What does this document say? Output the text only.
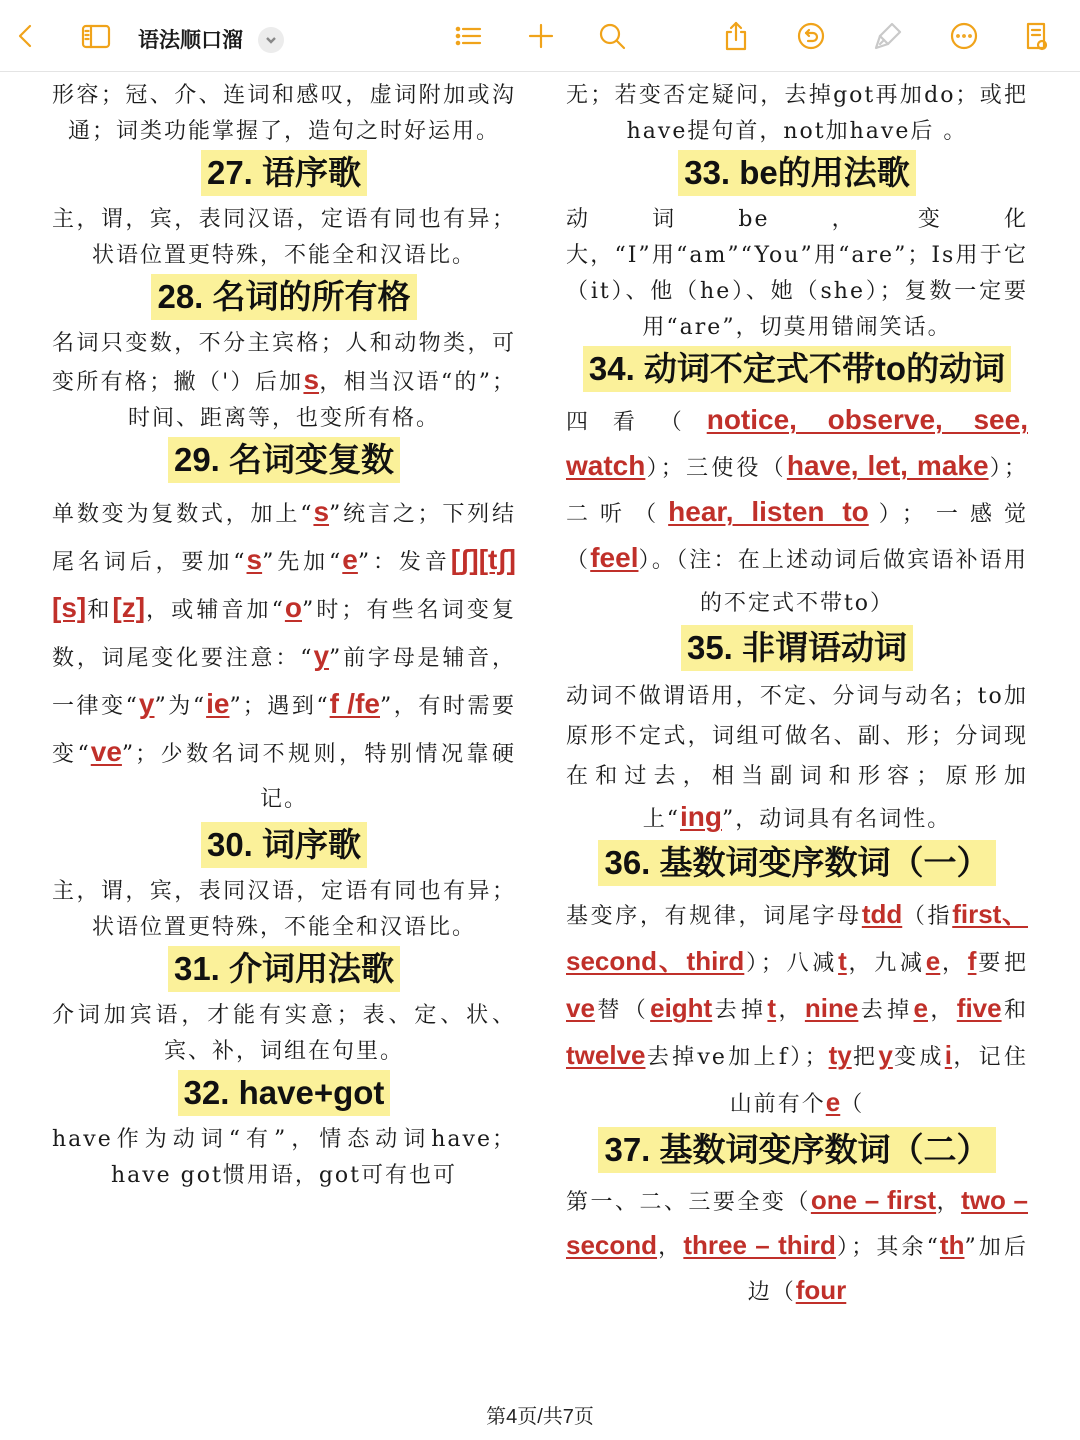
语法顺口溜

形容；冠、介、连词和感叹，虚词附加或沟通；词类功能掌握了，造句之时好运用。

27. 语序歌

主，谓，宾，表同汉语，定语有同也有异；状语位置更特殊，不能全和汉语比。

28. 名词的所有格

名词只变数，不分主宾格；人和动物类，可变所有格；撇（'）后加s，相当汉语“的”；时间、距离等，也变所有格。

29. 名词变复数

单数变为复数式，加上“s”统言之；下列结尾名词后，要加“s”先加“e”：发音[ʃ][tʃ][s]和[z]，或辅音加“o”时；有些名词变复数，词尾变化要注意：“y”前字母是辅音，一律变“y”为“ie”；遇到“f /fe”，有时需要变“ve”；少数名词不规则，特别情况靠硬记。

30. 词序歌

主，谓，宾，表同汉语，定语有同也有异；状语位置更特殊，不能全和汉语比。

31. 介词用法歌

介词加宾语，才能有实意；表、定、状、宾、补，词组在句里。

32. have+got

have作为动词“有”，情态动词have；have got惯用语，got可有也可

无；若变否定疑问，去掉got再加do；或把have提句首，not加have后 。

33. be的用法歌

动词be，变化大，“I”用“am”“You”用“are”；Is用于它（it）、他（he）、她（she）；复数一定要用“are”，切莫用错闹笑话。

34. 动词不定式不带to的动词

四看（notice, observe, see, watch）；三使役（have, let, make）；二听（hear, listen to）；一感觉（feel）。（注：在上述动词后做宾语补语用的不定式不带to）

35. 非谓语动词

动词不做谓语用，不定、分词与动名；to加原形不定式，词组可做名、副、形；分词现在和过去，相当副词和形容；原形加上“ing”，动词具有名词性。

36. 基数词变序数词（一）

基变序，有规律，词尾字母tdd（指first、second、third）；八减t，九减e，f要把ve替（eight去掉t，nine去掉e，five和twelve去掉ve加上f）；ty把y变成i，记住山前有个e（

37. 基数词变序数词（二）

第一、二、三要全变（one – first，two – second，three – third）；其余“th”加后边（four

第4页/共7页
